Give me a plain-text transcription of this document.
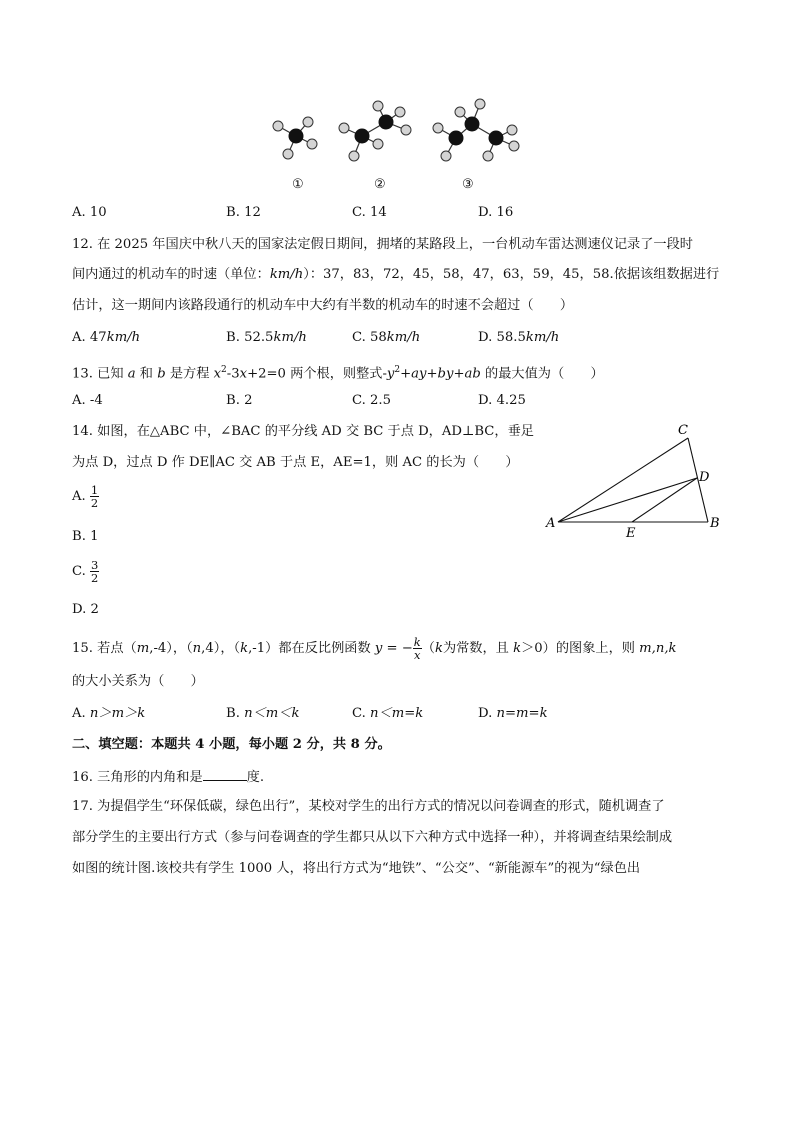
①	②	③
A. 10	B. 12	C. 14	D. 16
12. 在 2025 年国庆中秋八天的国家法定假日期间，拥堵的某路段上，一台机动车雷达测速仪记录了一段时
间内通过的机动车的时速（单位：km/h）：37，83，72，45，58，47，63，59，45，58.依据该组数据进行
估计，这一期间内该路段通行的机动车中大约有半数的机动车的时速不会超过（　　）
A. 47km/h	B. 52.5km/h	C. 58km/h	D. 58.5km/h
13. 已知 a 和 b 是方程 $x^2-3x+2=0$ 两个根，则整式$-y^2+ay+by+ab$ 的最大值为（　　）
A. -4	B. 2	C. 2.5	D. 4.25
14. 如图，在△ABC 中，∠BAC 的平分线 AD 交 BC 于点 D，AD⊥BC，垂足
为点 D，过点 D 作 DE∥AC 交 AB 于点 E，AE=1，则 AC 的长为（　　）
A. $\frac{1}{2}$
B. 1
C. $\frac{3}{2}$
D. 2
C
D
A
E
B
15. 若点（m,-4），（n,4），（k,-1）都在反比例函数 y = − $\frac{k}{x} (k$为常数，且 k＞0）的图象上，则 m,n,k
的大小关系为（　　）
A. n＞m＞k	B. n＜m＜k	C. n＜m=k	D. n=m=k
二、填空题：本题共 4 小题，每小题 2 分，共 8 分。
16. 三角形的内角和是	度.
17. 为提倡学生“环保低碳，绿色出行”，某校对学生的出行方式的情况以问卷调查的形式，随机调查了
部分学生的主要出行方式（参与问卷调查的学生都只从以下六种方式中选择一种），并将调查结果绘制成
如图的统计图.该校共有学生 1000 人，将出行方式为“地铁”、“公交”、“新能源车”的视为“绿色出
